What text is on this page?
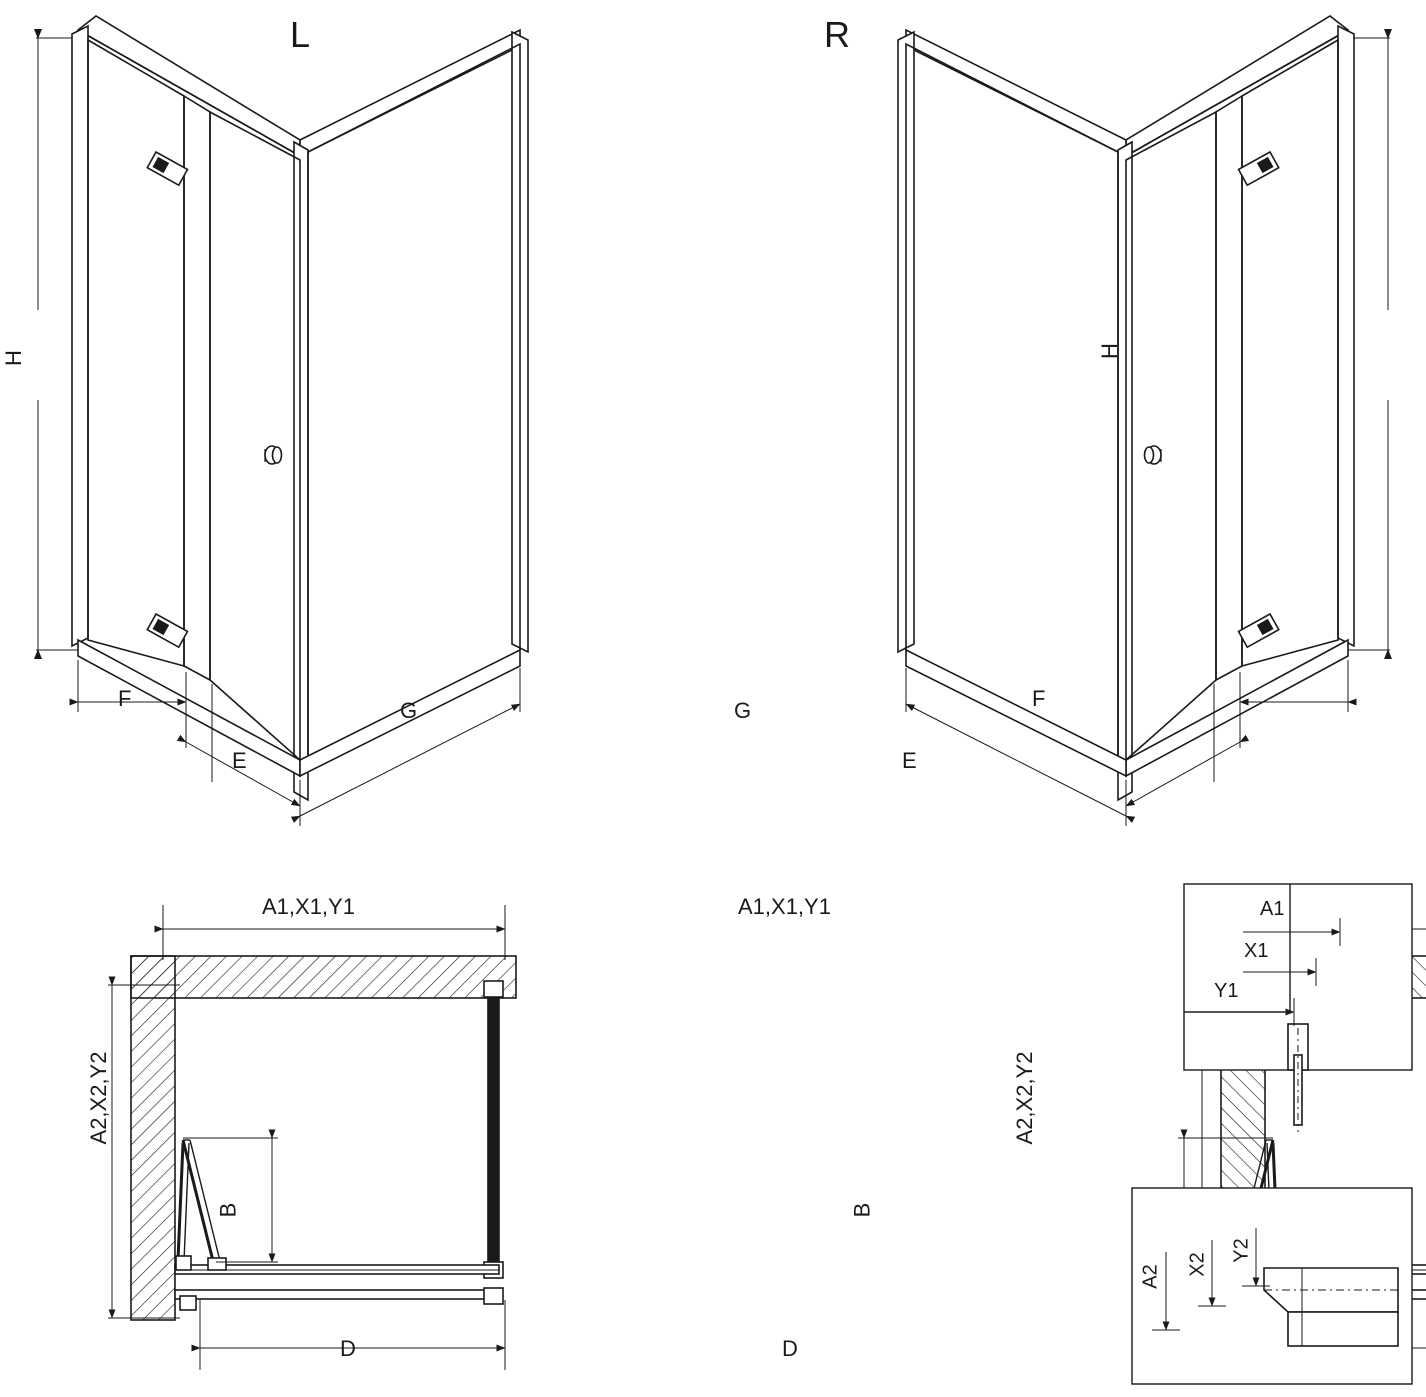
L	R
H	H
F
E
G	G
E
F
A1,X1,Y1
A2,X2,Y2
B
D
A1,X1,Y1
A2,X2,Y2
B
D
A1
X1
Y1
A2 X2
Y2
